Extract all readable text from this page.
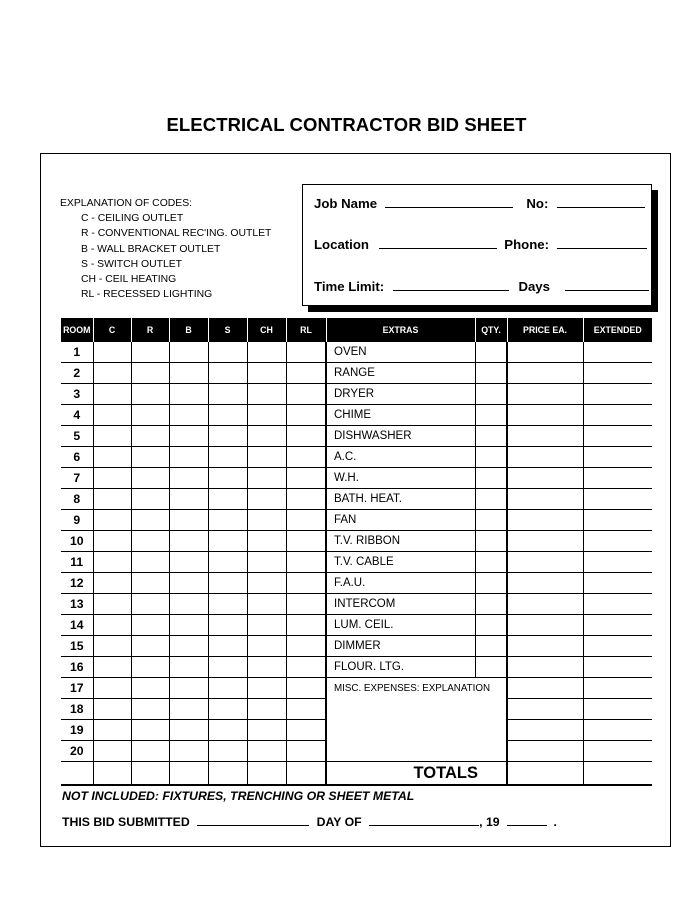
ELECTRICAL CONTRACTOR BID SHEET
EXPLANATION OF CODES:
C - CEILING OUTLET
R - CONVENTIONAL REC'ING. OUTLET
B - WALL BRACKET OUTLET
S - SWITCH OUTLET
CH - CEIL HEATING
RL - RECESSED LIGHTING
Job Name	No:
Location	Phone:
Time Limit:	Days
ROOM	C	R	B	S	CH	RL	EXTRAS	QTY.	PRICE EA.	EXTENDED
1							OVEN			
2							RANGE			
3							DRYER			
4							CHIME			
5							DISHWASHER			
6							A.C.			
7							W.H.			
8							BATH. HEAT.			
9							FAN			
10							T.V. RIBBON			
11							T.V. CABLE			
12							F.A.U.			
13							INTERCOM			
14							LUM. CEIL.			
15							DIMMER			
16							FLOUR. LTG.			
17							MISC. EXPENSES: EXPLANATION			
18										
19										
20										
							TOTALS			
NOT INCLUDED: FIXTURES, TRENCHING OR SHEET METAL
THIS BID SUBMITTED	DAY OF	, 19	.
